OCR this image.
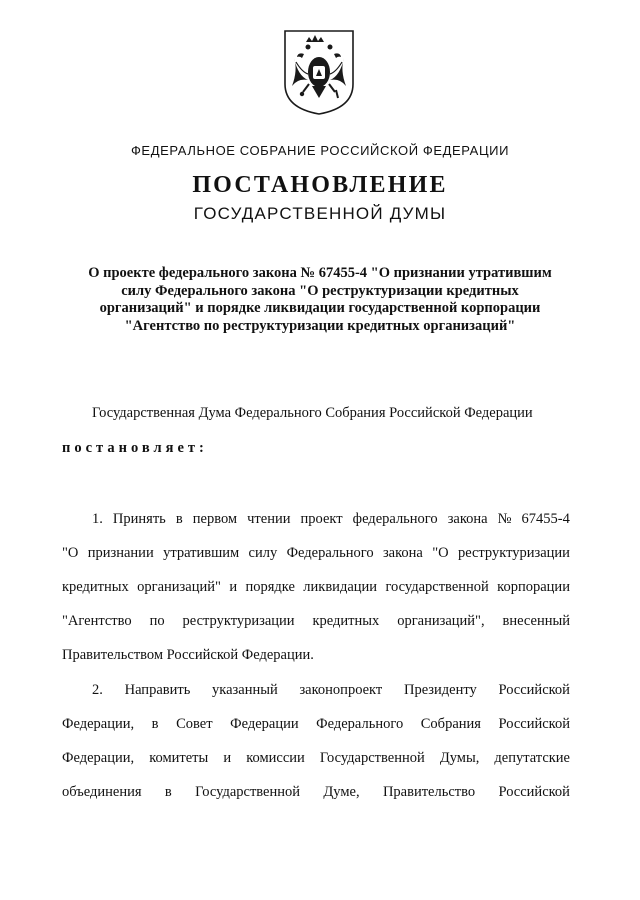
ФЕДЕРАЛЬНОЕ СОБРАНИЕ РОССИЙСКОЙ ФЕДЕРАЦИИ
ПОСТАНОВЛЕНИЕ
ГОСУДАРСТВЕННОЙ ДУМЫ
О проекте федерального закона № 67455-4 "О признании утратившим
силу Федерального закона "О реструктуризации кредитных
организаций" и порядке ликвидации государственной корпорации
"Агентство по реструктуризации кредитных организаций"
Государственная Дума Федерального Собрания Российской Федерации
постановляет:
1. Принять в первом чтении проект федерального закона № 67455-4
"О признании утратившим силу Федерального закона "О реструктуризации
кредитных организаций" и порядке ликвидации государственной корпорации
"Агентство по реструктуризации кредитных организаций", внесенный
Правительством Российской Федерации.
2. Направить указанный законопроект Президенту Российской
Федерации, в Совет Федерации Федерального Собрания Российской
Федерации, комитеты и комиссии Государственной Думы, депутатские
объединения в Государственной Думе, Правительство Российской
